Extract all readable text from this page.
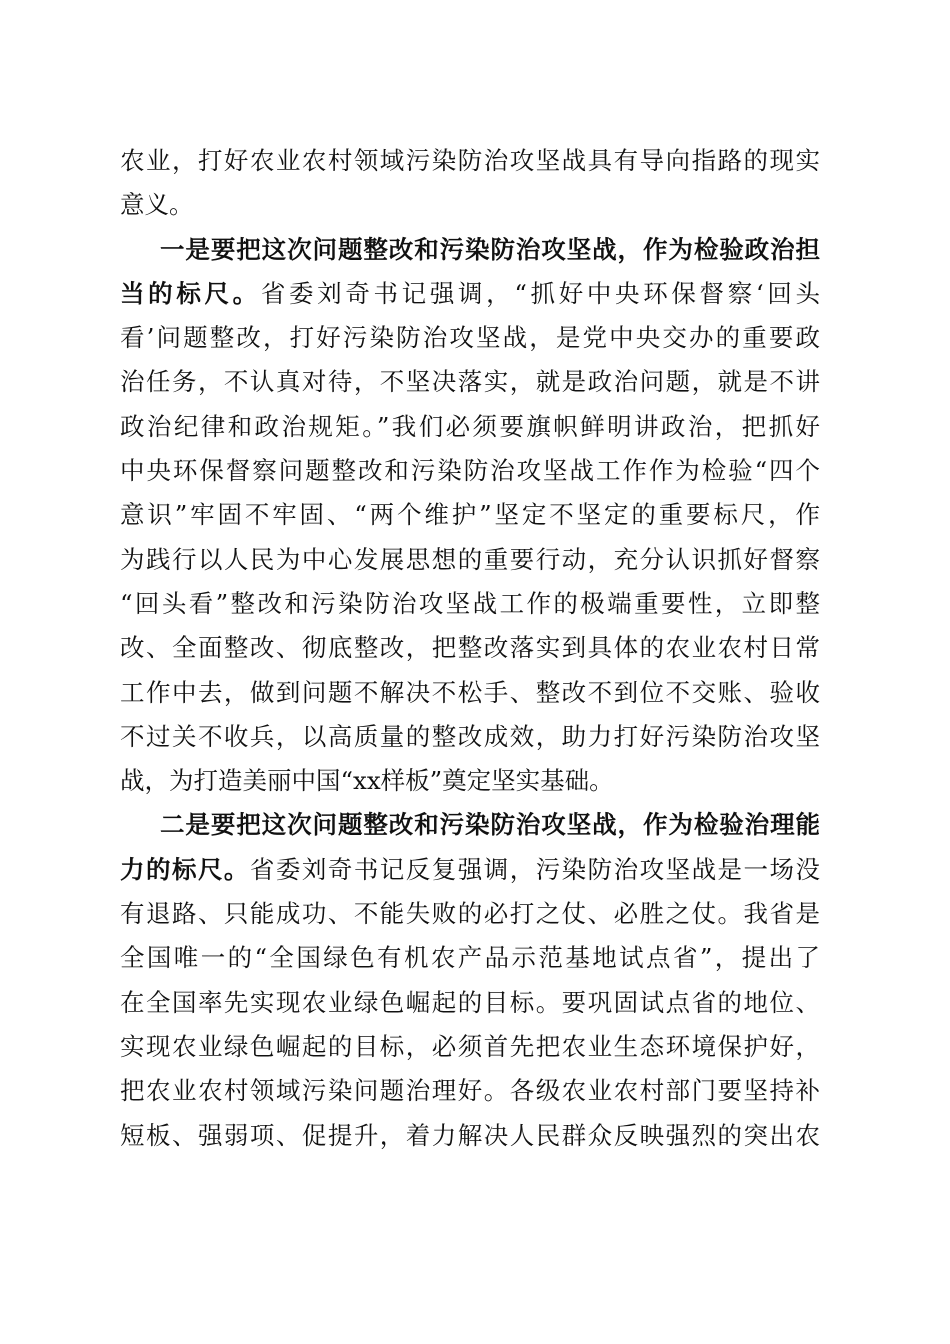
农业，打好农业农村领域污染防治攻坚战具有导向指路的现实
意义。
一是要把这次问题整改和污染防治攻坚战，作为检验政治担
当的标尺。省委刘奇书记强调，“抓好中央环保督察‘回头
看’问题整改，打好污染防治攻坚战，是党中央交办的重要政
治任务，不认真对待，不坚决落实，就是政治问题，就是不讲
政治纪律和政治规矩。”我们必须要旗帜鲜明讲政治，把抓好
中央环保督察问题整改和污染防治攻坚战工作作为检验“四个
意识”牢固不牢固、“两个维护”坚定不坚定的重要标尺，作
为践行以人民为中心发展思想的重要行动，充分认识抓好督察
“回头看”整改和污染防治攻坚战工作的极端重要性，立即整
改、全面整改、彻底整改，把整改落实到具体的农业农村日常
工作中去，做到问题不解决不松手、整改不到位不交账、验收
不过关不收兵，以高质量的整改成效，助力打好污染防治攻坚
战，为打造美丽中国“xx样板”奠定坚实基础。
二是要把这次问题整改和污染防治攻坚战，作为检验治理能
力的标尺。省委刘奇书记反复强调，污染防治攻坚战是一场没
有退路、只能成功、不能失败的必打之仗、必胜之仗。我省是
全国唯一的“全国绿色有机农产品示范基地试点省”，提出了
在全国率先实现农业绿色崛起的目标。要巩固试点省的地位、
实现农业绿色崛起的目标，必须首先把农业生态环境保护好，
把农业农村领域污染问题治理好。各级农业农村部门要坚持补
短板、强弱项、促提升，着力解决人民群众反映强烈的突出农
